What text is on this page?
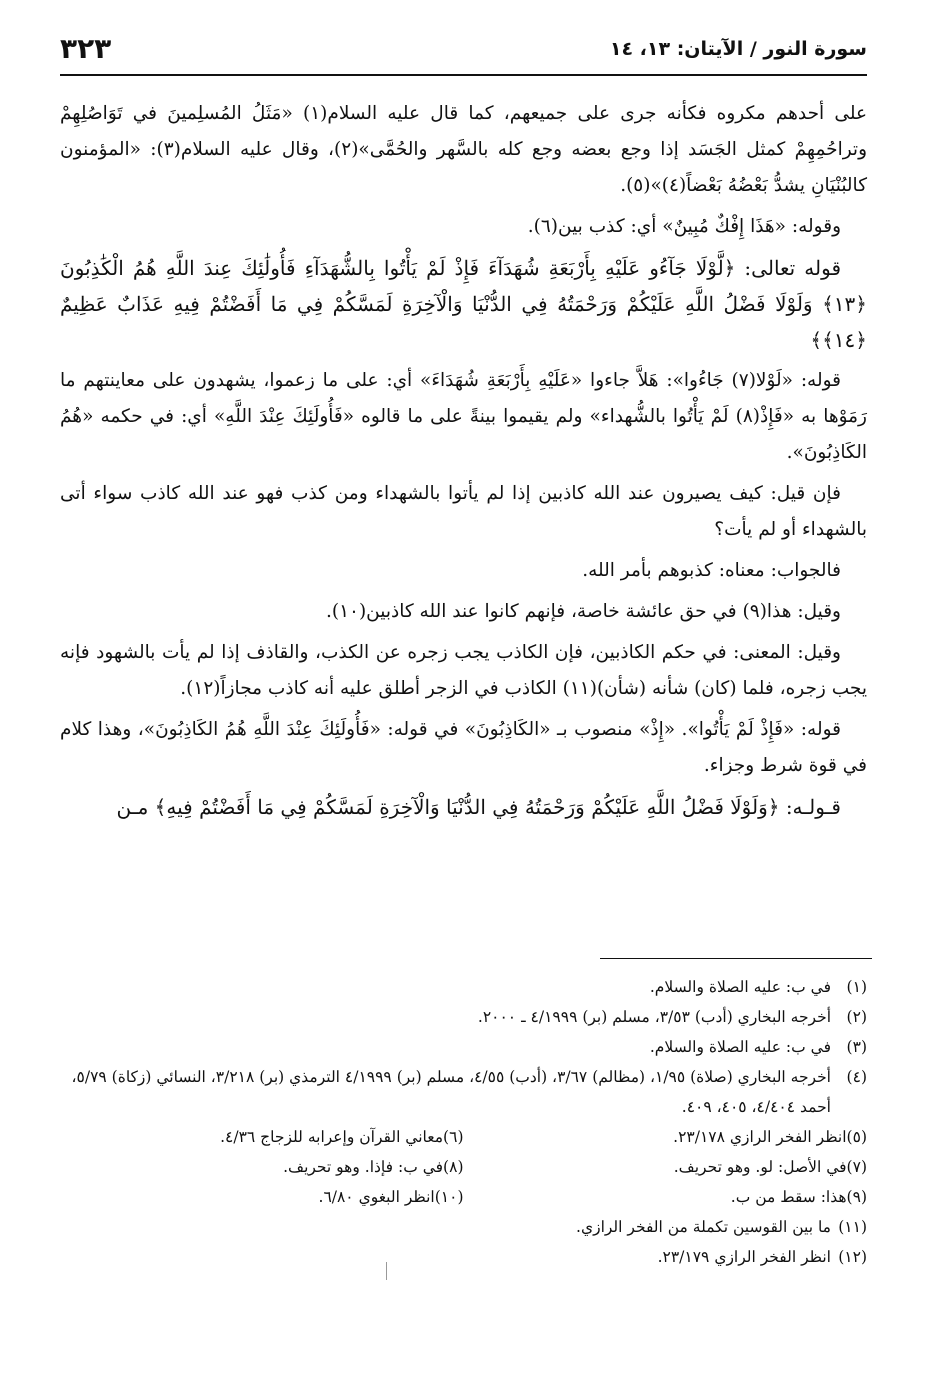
٣٢٣	سورة النور / الآيتان: ١٣، ١٤

على أحدهم مكروه فكأنه جرى على جميعهم، كما قال عليه السلام(١) «مَثَلُ المُسلِمينَ في تَوَاصُلِهِمْ وتراحُمِهِمْ كمثل الجَسَد إذا وجع بعضه وجع كله بالسَّهر والحُمَّى»(٢)، وقال عليه السلام(٣): «المؤمنون كالبُنْيَانِ يشدُّ بَعْضُهُ بَعْضاً(٤)»(٥).

وقوله: «هَذَا إِفْكٌ مُبِينٌ» أي: كذب بين(٦).

قوله تعالى: ﴿لَّوْلَا جَآءُو عَلَيْهِ بِأَرْبَعَةِ شُهَدَآءَ فَإِذْ لَمْ يَأْتُوا بِالشُّهَدَآءِ فَأُولَٰئِكَ عِندَ اللَّهِ هُمُ الْكَٰذِبُونَ ﴿١٣﴾ وَلَوْلَا فَضْلُ اللَّهِ عَلَيْكُمْ وَرَحْمَتُهُ فِي الدُّنْيَا وَالْآخِرَةِ لَمَسَّكُمْ فِي مَا أَفَضْتُمْ فِيهِ عَذَابٌ عَظِيمٌ ﴿١٤﴾﴾

قوله: «لَوْلا(٧) جَاءُوا»: هَلاَّ جاءوا «عَلَيْهِ بِأَرْبَعَةِ شُهَدَاءَ» أي: على ما زعموا، يشهدون على معاينتهم ما رَمَوْها به «فَإِذْ(٨) لَمْ يَأْتُوا بالشُّهداء» ولم يقيموا بينةً على ما قالوه «فَأُولَئِكَ عِنْدَ اللَّهِ» أي: في حكمه «هُمُ الكَاذِبُونَ».

فإن قيل: كيف يصيرون عند الله كاذبين إذا لم يأتوا بالشهداء ومن كذب فهو عند الله كاذب سواء أتى بالشهداء أو لم يأت؟

فالجواب: معناه: كذبوهم بأمر الله.

وقيل: هذا(٩) في حق عائشة خاصة، فإنهم كانوا عند الله كاذبين(١٠).

وقيل: المعنى: في حكم الكاذبين، فإن الكاذب يجب زجره عن الكذب، والقاذف إذا لم يأت بالشهود فإنه يجب زجره، فلما (كان) شأنه (شأن)(١١) الكاذب في الزجر أطلق عليه أنه كاذب مجازاً(١٢).

قوله: «فَإِذْ لَمْ يَأْتُوا». «إِذْ» منصوب بـ «الكَاذِبُونَ» في قوله: «فَأُولَئِكَ عِنْدَ اللَّهِ هُمُ الكَاذِبُونَ»، وهذا كلام في قوة شرط وجزاء.

قـولـه: ﴿وَلَوْلَا فَضْلُ اللَّهِ عَلَيْكُمْ وَرَحْمَتُهُ فِي الدُّنْيَا وَالْآخِرَةِ لَمَسَّكُمْ فِي مَا أَفَضْتُمْ فِيهِ﴾ مـن

(١)
في ب: عليه الصلاة والسلام.
(٢)
أخرجه البخاري (أدب) ٣/٥٣، مسلم (بر) ٤/١٩٩٩ ـ ٢٠٠٠.
(٣)
في ب: عليه الصلاة والسلام.
(٤)
أخرجه البخاري (صلاة) ١/٩٥، (مظالم) ٣/٦٧، (أدب) ٤/٥٥، مسلم (بر) ٤/١٩٩٩ الترمذي (بر) ٣/٢١٨، النسائي (زكاة) ٥/٧٩، أحمد ٤/٤٠٤، ٤٠٥، ٤٠٩.
(٥)
انظر الفخر الرازي ٢٣/١٧٨.
(٦)
معاني القرآن وإعرابه للزجاج ٤/٣٦.
(٧)
في الأصل: لو. وهو تحريف.
(٨)
في ب: فإذا. وهو تحريف.
(٩)
هذا: سقط من ب.
(١٠)
انظر البغوي ٦/٨٠.
(١١)
ما بين القوسين تكملة من الفخر الرازي.
(١٢)
انظر الفخر الرازي ٢٣/١٧٩.
